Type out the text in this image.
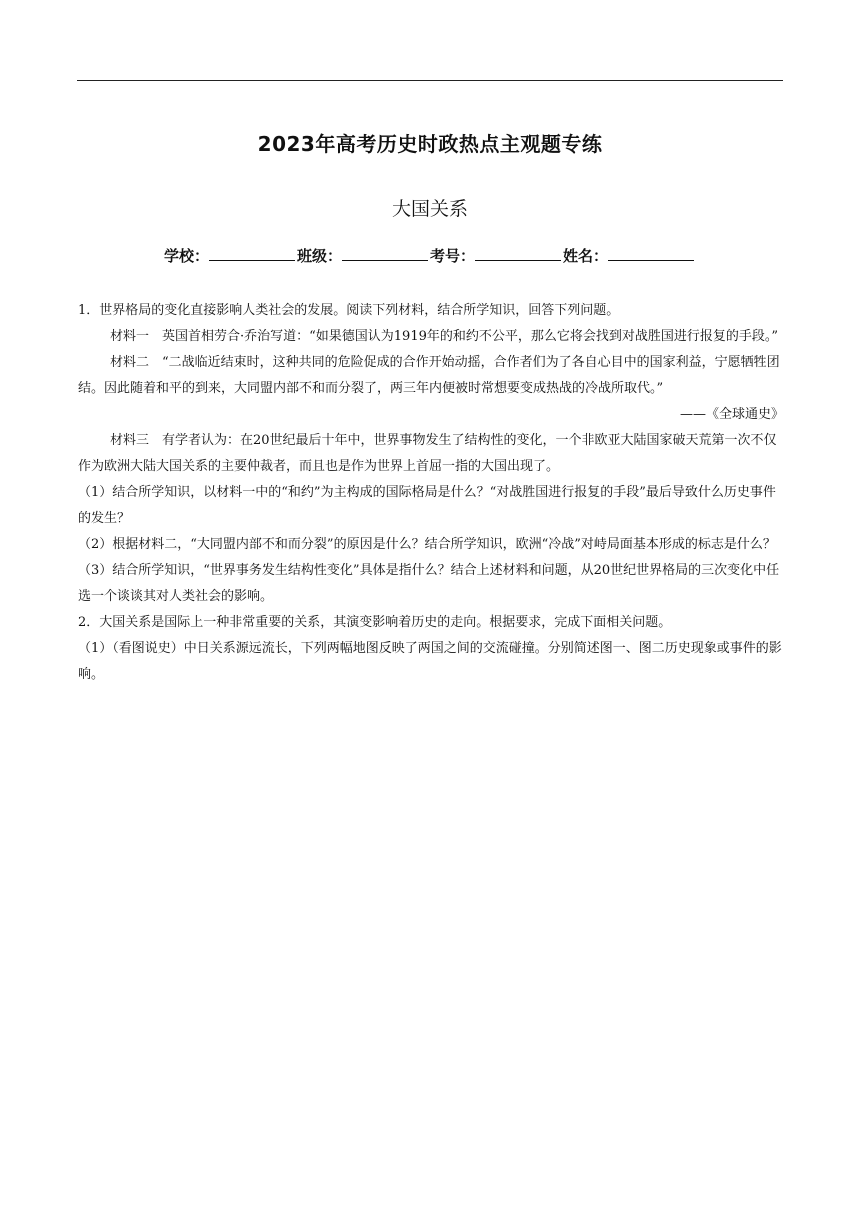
2023年高考历史时政热点主观题专练
大国关系
学校：	班级：	考号：	姓名：

1．世界格局的变化直接影响人类社会的发展。阅读下列材料，结合所学知识，回答下列问题。

材料一　英国首相劳合·乔治写道：“如果德国认为1919年的和约不公平，那么它将会找到对战胜国进行报复的手段。”

材料二　“二战临近结束时，这种共同的危险促成的合作开始动摇，合作者们为了各自心目中的国家利益，宁愿牺牲团结。因此随着和平的到来，大同盟内部不和而分裂了，两三年内便被时常想要变成热战的冷战所取代。”

——《全球通史》

材料三　有学者认为：在20世纪最后十年中，世界事物发生了结构性的变化，一个非欧亚大陆国家破天荒第一次不仅作为欧洲大陆大国关系的主要仲裁者，而且也是作为世界上首屈一指的大国出现了。

（1）结合所学知识，以材料一中的“和约”为主构成的国际格局是什么？“对战胜国进行报复的手段”最后导致什么历史事件的发生？

（2）根据材料二，“大同盟内部不和而分裂”的原因是什么？结合所学知识，欧洲“冷战”对峙局面基本形成的标志是什么？

（3）结合所学知识，“世界事务发生结构性变化”具体是指什么？结合上述材料和问题，从20世纪世界格局的三次变化中任选一个谈谈其对人类社会的影响。

2．大国关系是国际上一种非常重要的关系，其演变影响着历史的走向。根据要求，完成下面相关问题。

（1）（看图说史）中日关系源远流长，下列两幅地图反映了两国之间的交流碰撞。分别简述图一、图二历史现象或事件的影响。
